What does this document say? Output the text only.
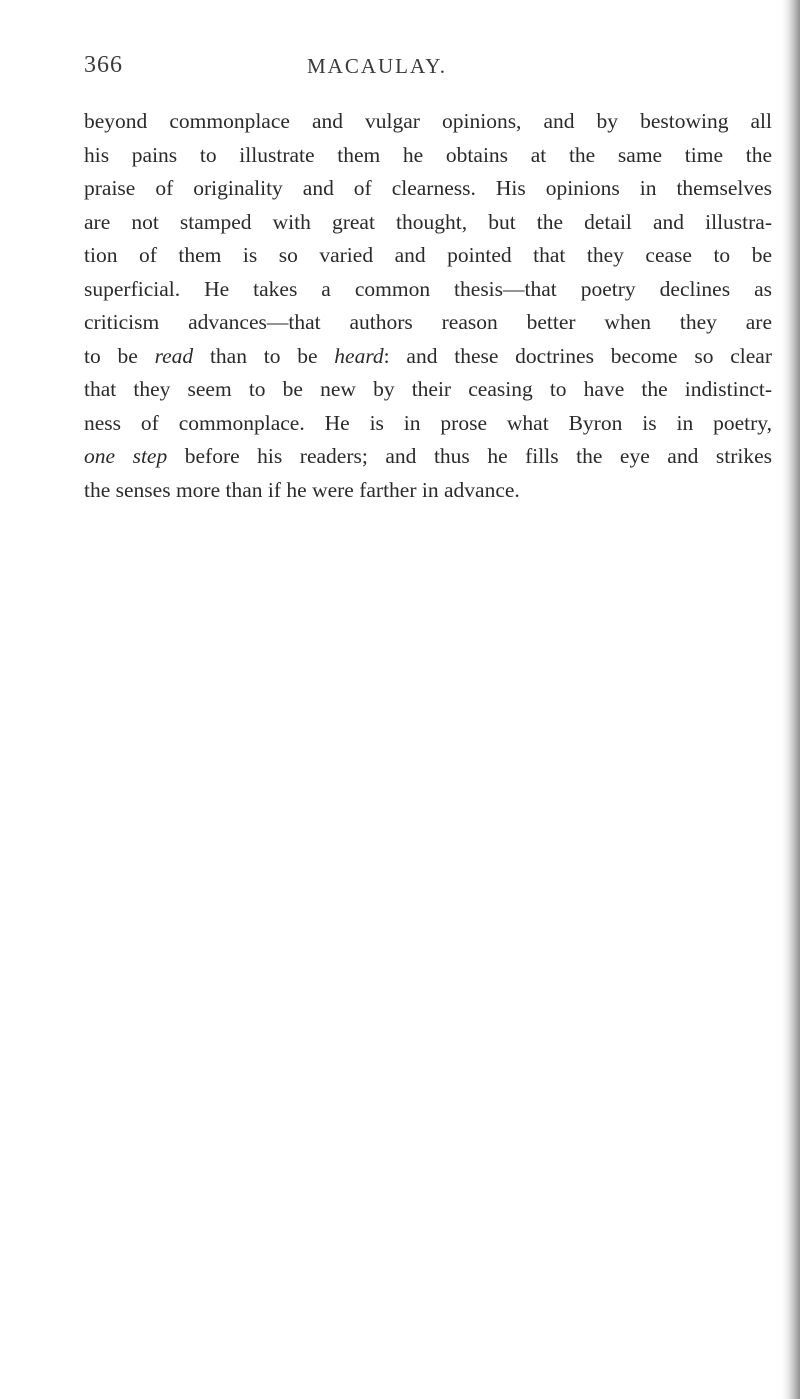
366	MACAULAY.
beyond commonplace and vulgar opinions, and by bestowing all
his pains to illustrate them he obtains at the same time the
praise of originality and of clearness. His opinions in themselves
are not stamped with great thought, but the detail and illustra-
tion of them is so varied and pointed that they cease to be
superficial. He takes a common thesis—that poetry declines as
criticism advances—that authors reason better when they are
to be read than to be heard: and these doctrines become so clear
that they seem to be new by their ceasing to have the indistinct-
ness of commonplace. He is in prose what Byron is in poetry,
one step before his readers; and thus he fills the eye and strikes
the senses more than if he were farther in advance.
